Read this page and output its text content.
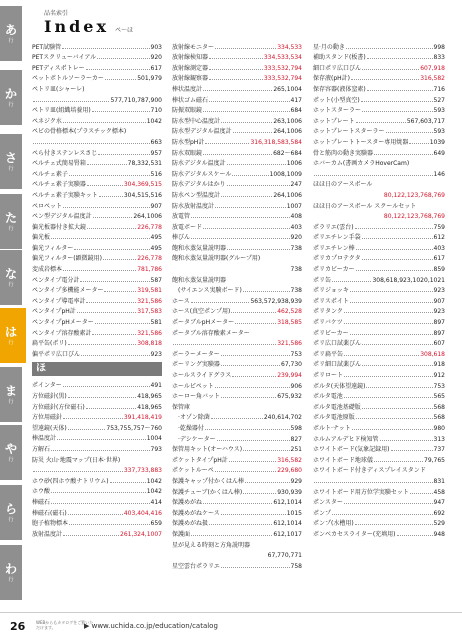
あ
行
か
行
さ
行
た
行
な
行
は
行
ま
行
や
行
ら
行
わ
行
品名索引
Index ペ〜ほ
PET試験管	903
PETスクリューバイアル	920
PETディスポトレー	617
ペットボトルソーラーカー	501,979
ペトリ皿(シャーレ)
577,710,787,900
ペトリ皿(組織培養用)	710
ペネジク水	1042
ペビの骨格標本(プラスチック標本)
663
ペら付きステンレスさじ	957
ペルチェ式簡易腎箱	78,332,531
ペルチェ素子	516
ペルチェ素子実験器	304,369,515
ペルチェ素子実験キット	304,515,516
ペロペット	907
ペン型デジタル温度計	264,1006
偏光板器付き拡大鏡	226,778
偏光板	495
偏光フィルター	495
偏光フィルター(顕微鏡用)	226,778
変成岩標本	781,786
ペンタイプ電分計	587
ペンタイプ多機能メーター	319,581
ペンタイプ導電率計	321,586
ペンタイプpH計	317,583
ペンタイプpHメーター	581
ペンタイプ溶存酸素計	321,586
扁平缶(ポリ)	308,818
偏平ポリ広口びん	923
ほ
ポインター	491
方位磁針(黒)	418,965
方位磁針(方位磁石)	418,965
方位用磁針	391,418,419
望遠鏡(天体)	753,755,757〜760
棒温度計	1004
方解石	793
防災 火山·地震マップ(日本·世界)
337,733,883
ホウ砂(四ホウ酸ナトリウム)	1042
ホウ酸	1042
棒磁石	414
棒磁石(磁石)	403,404,416
胞子植物標本	659
放射温度計	261,324,1007
放射線モニター	334,533
放射線検知器	334,533,534
放射線測定器	333,532,794
放射線観察器	333,532,794
棒状温度計	265,1004
棒状ゴム磁石	417
防振双眼鏡	684
防水型中心温度計	263,1006
防水型デジタル温度計	264,1006
防水型pH計	316,318,583,584
防水双眼鏡	682〜684
防水デジタル温度計	1006
防水デジタルスケール	1008,1009
防水デジタルはかり	247
防水ペン型温度計	264,1006
防水放射温度計	1007
放電管	408
放電ボード	403
棒びん	920
飽和水蒸気量説明器	738
飽和水蒸気量説明器(グループ用)
738
飽和水蒸気量説明器
(サイエンス実験ボード)	738
ホース	563,572,938,939
ホース(真空ポンプ用)	462,528
ポータブルpHメーター	318,585
ポータブル溶存酸素メーター
321,586
ボーラーメーター	753
ボーリング実験器	67,730
ホールスライドグラス	239,994
ホールピペット	906
ホーロー角バット	675,932
保管庫
·オゾン除菌	240,614,702
·乾燥器付	598
·デシケーター	827
保管用キット(オーハウス)	251
ポケットタイプpH計	316,582
ポケットルーペ	229,680
保護キャップ付かくはん棒	929
保護チューブ(かくはん棒)	930,939
保護めがね	612,1014
保護めがねケース	1015
保護めがね扱	612,1014
保護面	612,1017
星が見える時刻と方角説明器
67,770,771
星空雲台ポラリエ	758
星·月の動き	998
補助スタンド(板書)	833
細口ポリ広口びん	607,918
保存液(pH計)	316,582
保存容器(液体窒素)	716
ポット(小型真空)	527
ホットスターラー	593
ホットプレート	567,603,717
ホットプレートスターラー	593
ホットプレートトースター専用焼器	1039
骨と筋肉の動き実験器	649
ホバーカム(書画カメラHoverCam)
146
ほほ日のアースボール
80,122,123,768,769
ほほ日のアースボール スクールセット
80,122,123,768,769
ポラリエ(雲台)	759
ポリエチレン手袋	612
ポリエチレン棒	403
ポリカプロテクタ	617
ポリカビーカー	859
ポリ缶	308,618,923,1020,1021
ポリジョッキ	923
ポリスポイト	907
ポリタンク	923
ポリバケツ	897
ポリビーカー	897
ポリ広口試薬びん	607
ポリ扁平缶	308,618
ポリ細口試薬びん	918
ポリロート	912
ボルタ(天体望遠鏡)	753
ボルタ電池	565
ボルタ電池基礎版	568
ボルタ電池原版	568
ボルト·ナット	980
ホルムアルデヒド検知管	313
ホワイトボード(気象記録用)	737
ホワイトボード地球儀	79,765
ホワイトボード付きディスプレイスタンド
831
ホワイトボード用方位学実験セット	458
ポンスター	947
ポンプ	692
ポンプ(水槽用)	529
ボンベカセスライター(充填用)	948
26	WEBからもカタログをご覧いただけます。	▶ www.uchida.co.jp/education/catalog
